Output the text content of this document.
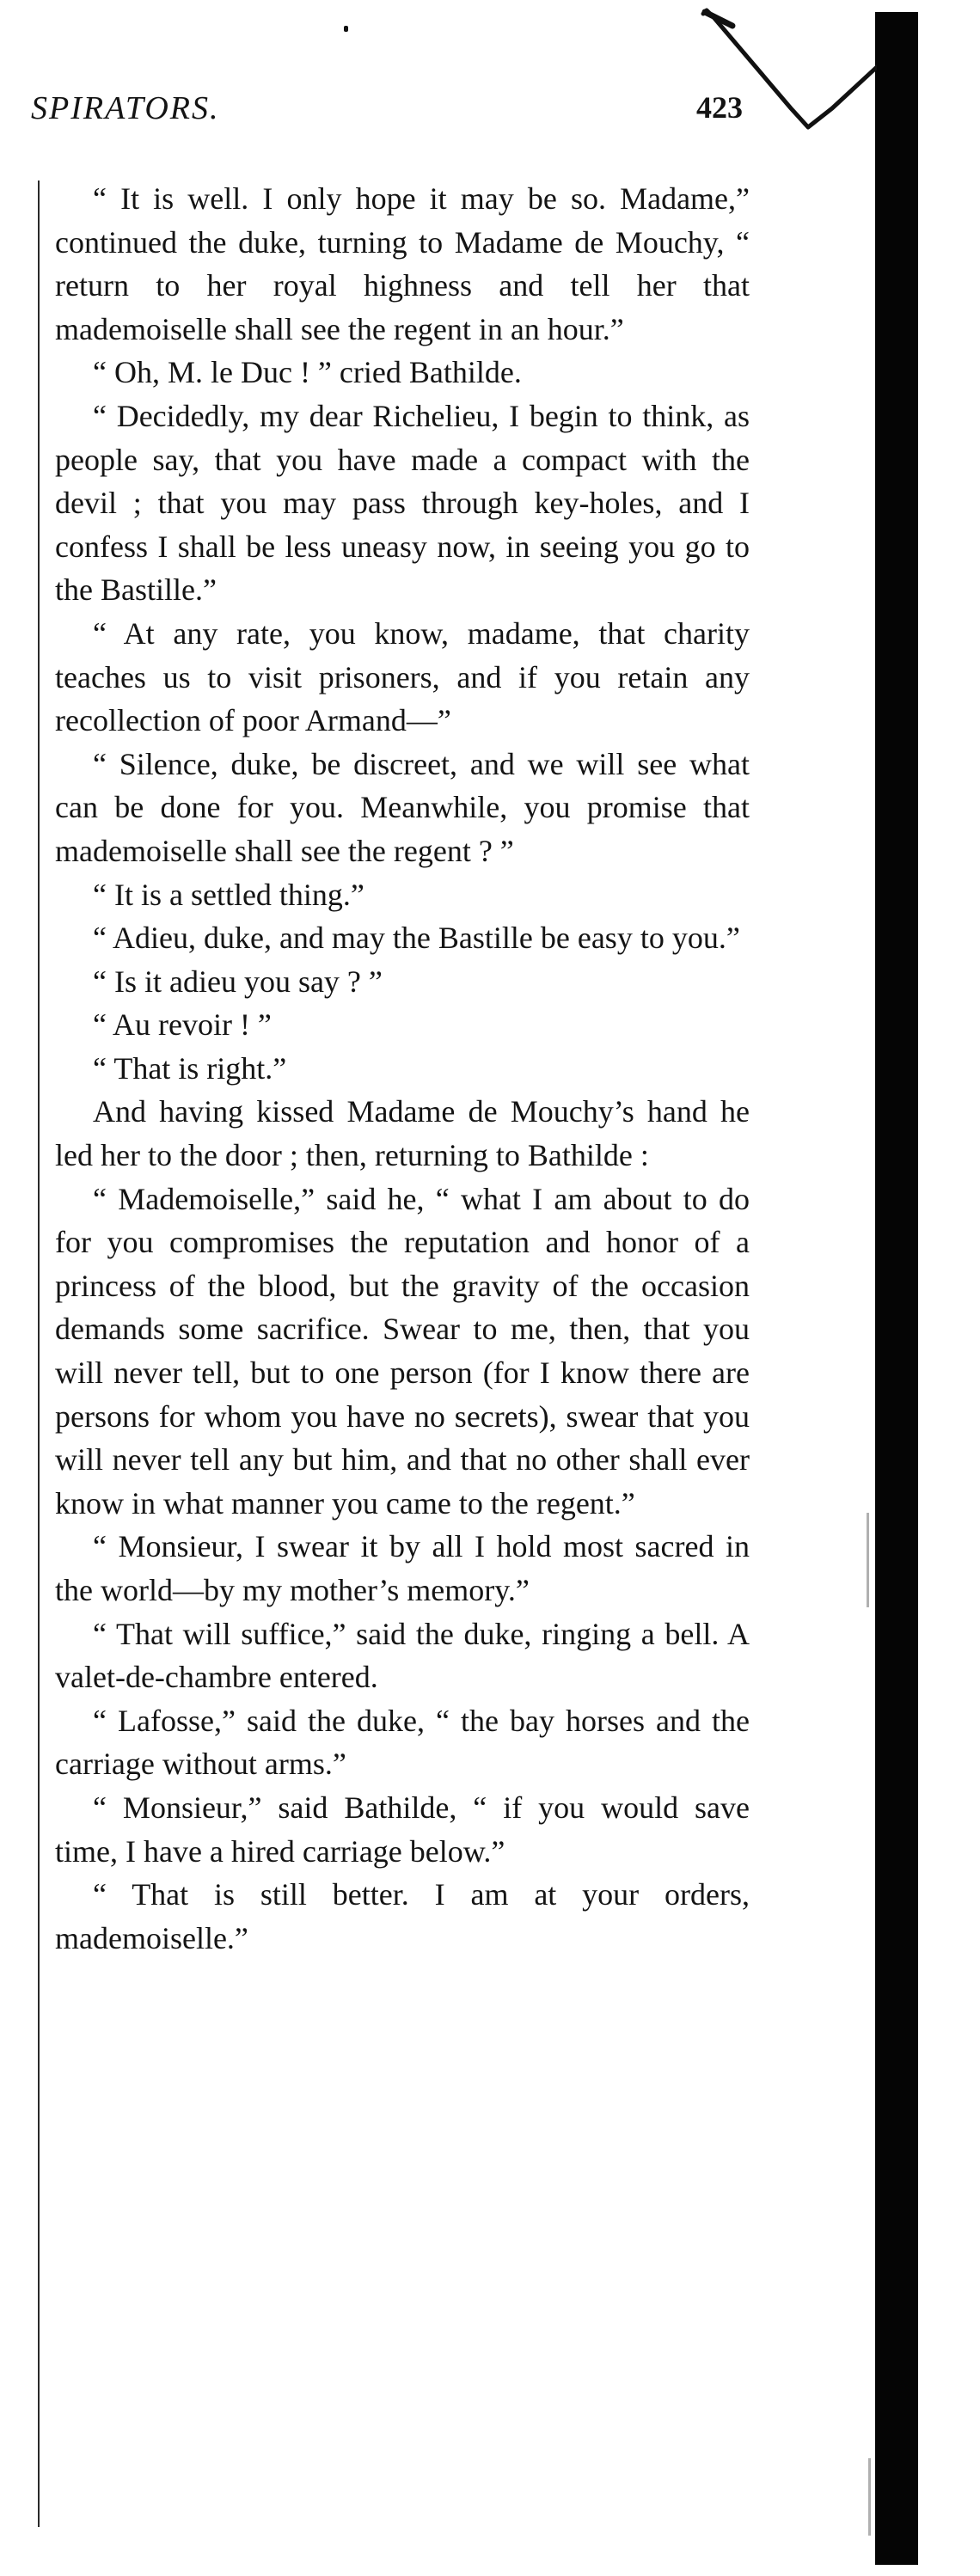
SPIRATORS.	423

“ It is well. I only hope it may be so. Madame,” continued the duke, turning to Madame de Mouchy, “ return to her royal highness and tell her that mademoiselle shall see the regent in an hour.”

“ Oh, M. le Duc ! ” cried Bathilde.

“ Decidedly, my dear Richelieu, I begin to think, as people say, that you have made a compact with the devil ; that you may pass through key-holes, and I confess I shall be less uneasy now, in seeing you go to the Bastille.”

“ At any rate, you know, madame, that charity teaches us to visit prisoners, and if you retain any recollection of poor Armand—”

“ Silence, duke, be discreet, and we will see what can be done for you. Meanwhile, you promise that mademoiselle shall see the regent ? ”

“ It is a settled thing.”

“ Adieu, duke, and may the Bastille be easy to you.”

“ Is it adieu you say ? ”

“ Au revoir ! ”

“ That is right.”

And having kissed Madame de Mouchy’s hand he led her to the door ; then, returning to Bathilde :

“ Mademoiselle,” said he, “ what I am about to do for you compromises the reputation and honor of a princess of the blood, but the gravity of the occasion demands some sacrifice. Swear to me, then, that you will never tell, but to one person (for I know there are persons for whom you have no secrets), swear that you will never tell any but him, and that no other shall ever know in what manner you came to the regent.”

“ Monsieur, I swear it by all I hold most sacred in the world—by my mother’s memory.”

“ That will suffice,” said the duke, ringing a bell. A valet-de-chambre entered.

“ Lafosse,” said the duke, “ the bay horses and the carriage without arms.”

“ Monsieur,” said Bathilde, “ if you would save time, I have a hired carriage below.”

“ That is still better. I am at your orders, mademoiselle.”
